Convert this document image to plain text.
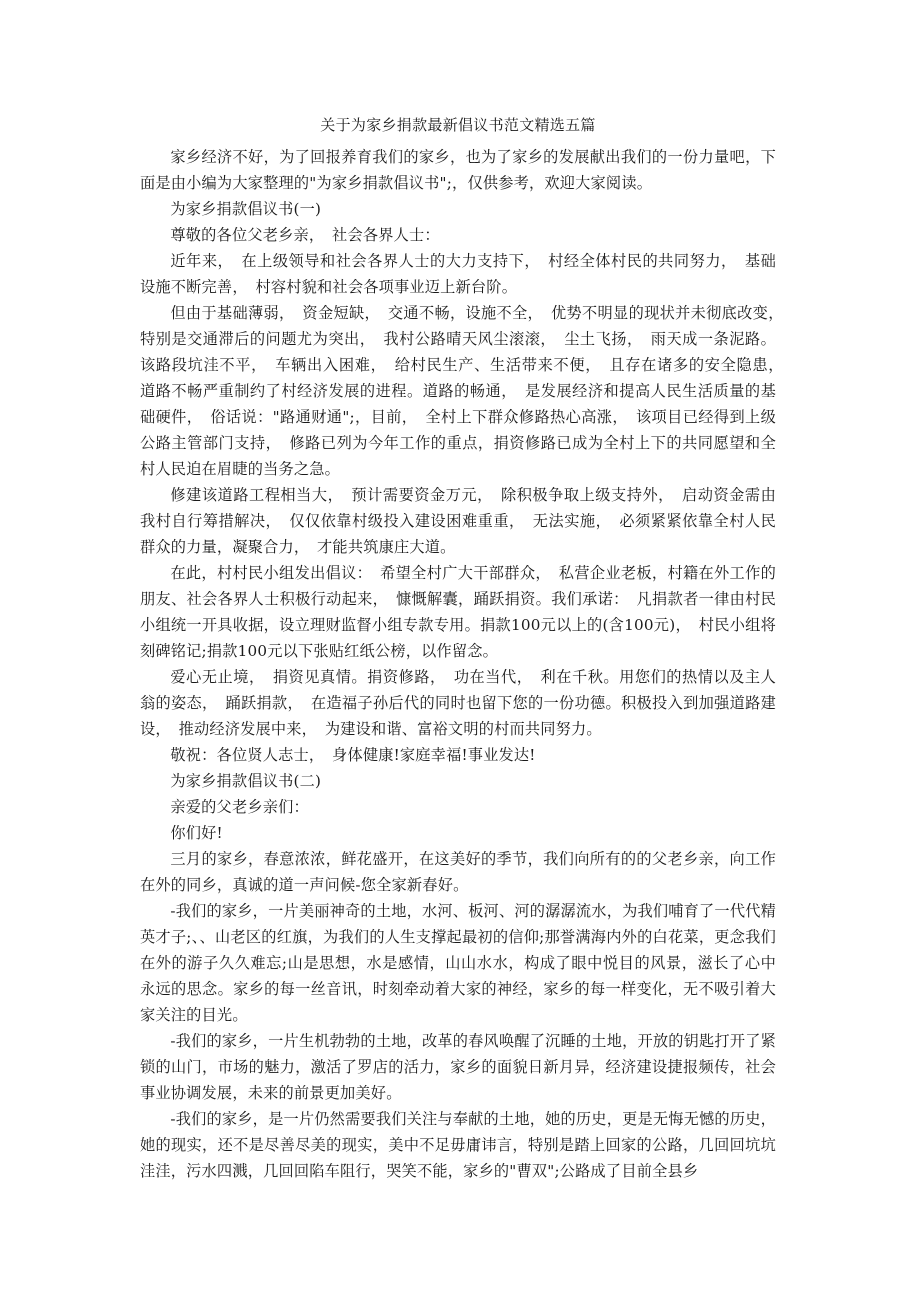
关于为家乡捐款最新倡议书范文精选五篇

家乡经济不好，为了回报养育我们的家乡，也为了家乡的发展献出我们的一份力量吧，下面是由小编为大家整理的"为家乡捐款倡议书";，仅供参考，欢迎大家阅读。

为家乡捐款倡议书(一)

尊敬的各位父老乡亲，　社会各界人士：

近年来，　在上级领导和社会各界人士的大力支持下，　村经全体村民的共同努力，　基础设施不断完善，　村容村貌和社会各项事业迈上新台阶。

但由于基础薄弱，　资金短缺，　交通不畅，设施不全，　优势不明显的现状并未彻底改变，　特别是交通滞后的问题尤为突出，　我村公路晴天风尘滚滚，　尘土飞扬，　雨天成一条泥路。该路段坑洼不平，　车辆出入困难，　给村民生产、生活带来不便，　且存在诸多的安全隐患，　道路不畅严重制约了村经济发展的进程。道路的畅通，　是发展经济和提高人民生活质量的基础硬件，　俗话说："路通财通";，目前，　全村上下群众修路热心高涨，　该项目已经得到上级公路主管部门支持，　修路已列为今年工作的重点，捐资修路已成为全村上下的共同愿望和全村人民迫在眉睫的当务之急。

修建该道路工程相当大，　预计需要资金万元，　除积极争取上级支持外，　启动资金需由我村自行筹措解决，　仅仅依靠村级投入建设困难重重，　无法实施，　必须紧紧依靠全村人民群众的力量，凝聚合力，　才能共筑康庄大道。

在此，村村民小组发出倡议：　希望全村广大干部群众，　私营企业老板，村籍在外工作的朋友、社会各界人士积极行动起来，　慷慨解囊，踊跃捐资。我们承诺：　凡捐款者一律由村民小组统一开具收据，设立理财监督小组专款专用。捐款100元以上的(含100元)，　村民小组将刻碑铭记;捐款100元以下张贴红纸公榜，以作留念。

爱心无止境，　捐资见真情。捐资修路，　功在当代，　利在千秋。用您们的热情以及主人翁的姿态，　踊跃捐款，　在造福子孙后代的同时也留下您的一份功德。积极投入到加强道路建设，　推动经济发展中来，　为建设和谐、富裕文明的村而共同努力。

敬祝：各位贤人志士，　身体健康!家庭幸福!事业发达!

为家乡捐款倡议书(二)

亲爱的父老乡亲们：

你们好!

三月的家乡，春意浓浓，鲜花盛开，在这美好的季节，我们向所有的的父老乡亲，向工作在外的同乡，真诚的道一声问候-您全家新春好。

-我们的家乡，一片美丽神奇的土地，水河、板河、河的潺潺流水，为我们哺育了一代代精英才子;、、山老区的红旗，为我们的人生支撑起最初的信仰;那誉满海内外的白花菜，更念我们在外的游子久久难忘;山是思想，水是感情，山山水水，构成了眼中悦目的风景，滋长了心中永远的思念。家乡的每一丝音讯，时刻牵动着大家的神经，家乡的每一样变化，无不吸引着大家关注的目光。

-我们的家乡，一片生机勃勃的土地，改革的春风唤醒了沉睡的土地，开放的钥匙打开了紧锁的山门，市场的魅力，激活了罗店的活力，家乡的面貌日新月异，经济建设捷报频传，社会事业协调发展，未来的前景更加美好。

-我们的家乡，是一片仍然需要我们关注与奉献的土地，她的历史，更是无悔无憾的历史，她的现实，还不是尽善尽美的现实，美中不足毋庸讳言，特别是踏上回家的公路，几回回坑坑洼洼，污水四溅，几回回陷车阻行，哭笑不能，家乡的"曹双";公路成了目前全县乡
